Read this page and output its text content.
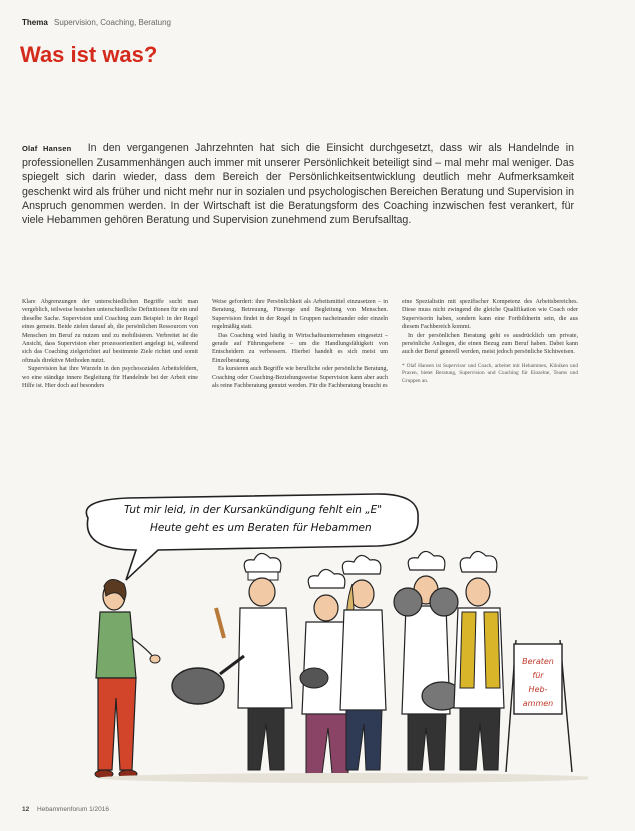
Thema Supervision, Coaching, Beratung
Was ist was?

Olaf Hansen In den vergangenen Jahrzehnten hat sich die Einsicht durchgesetzt, dass wir als Handelnde in professionellen Zusammenhängen auch immer mit unserer Persönlichkeit beteiligt sind – mal mehr mal weniger. Das spiegelt sich darin wieder, dass dem Bereich der Persönlichkeitsentwicklung deutlich mehr Aufmerksamkeit geschenkt wird als früher und nicht mehr nur in sozialen und psychologischen Bereichen Beratung und Supervision in Anspruch genommen werden. In der Wirtschaft ist die Beratungsform des Coaching inzwischen fest verankert, für viele Hebammen gehören Beratung und Supervision zunehmend zum Berufsalltag.

Klare Abgrenzungen der unterschiedlichen Begriffe sucht man vergeblich, teilweise bestehen unterschiedliche Definitionen für ein und dieselbe Sache. Supervision und Coaching zum Beispiel: in der Regel eines gemein. Beide zielen darauf ab, die persönlichen Ressourcen von Menschen im Beruf zu nutzen und zu mobilisieren. Verbreitet ist die Ansicht, dass Supervision eher prozessorientiert angelegt ist, während sich das Coaching zielgerichtet auf bestimmte Ziele richtet und somit oftmals direktive Methoden nutzt.

Supervision hat ihre Wurzeln in den psychosozialen Arbeitsfeldern, wo eine ständige innere Begleitung für Handelnde bei der Arbeit eine Hilfe ist. Hier doch auf besonders

Weise gefordert: ihre Persönlichkeit als Arbeitsmittel einzusetzen – in Beratung, Betreuung, Fürsorge und Begleitung von Menschen. Supervision findet in der Regel in Gruppen nacheinander oder einzeln regelmäßig statt.

Das Coaching wird häufig in Wirtschaftsunternehmen eingesetzt – gerade auf Führungsebene – um die Handlungsfähigkeit von Entscheidern zu verbessern. Hierbei handelt es sich meist um Einzelberatung.

Es kursieren auch Begriffe wie berufliche oder persönliche Beratung, Coaching oder Coaching-Beziehungsweise Supervision kann aber auch als reine Fachberatung genutzt werden. Für die Fachberatung braucht es

eine Spezialistin mit spezifischer Kompetenz des Arbeitsbereiches. Diese muss nicht zwingend die gleiche Qualifikation wie Coach oder Supervisorin haben, sondern kann eine Fortbildnerin sein, die aus diesem Fachbereich kommt.

In der persönlichen Beratung geht es ausdrücklich um private, persönliche Anliegen, die einen Bezug zum Beruf haben. Dabei kann auch der Beruf generell werden, meist jedoch persönliche Sichtweisen.

* Olaf Hansen ist Supervisor und Coach, arbeitet mit Hebammen, Kliniken und Praxen, bietet Beratung, Supervision und Coaching für Einzelne, Teams und Gruppen an.

Beraten
für
Heb-
ammen
Tut mir leid, in der Kursankündigung fehlt ein „E"
Heute geht es um Beraten für Hebammen
12 Hebammenforum 1/2016
